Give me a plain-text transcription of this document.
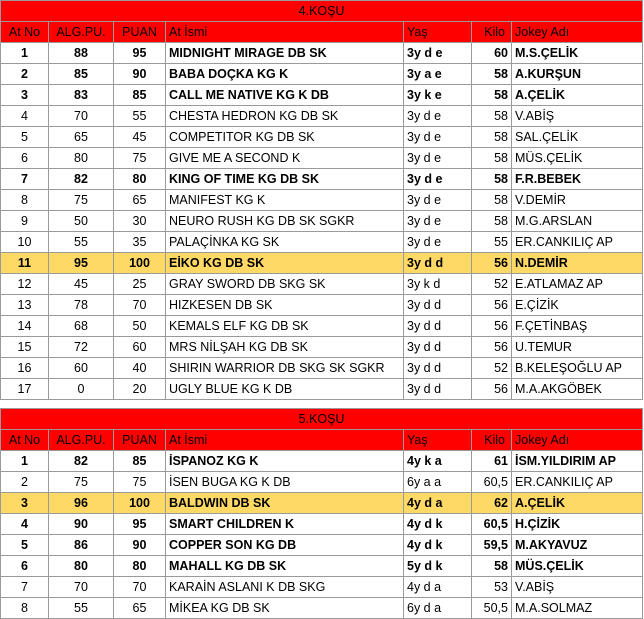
4.KOŞU						
At No	ALG.PU.	PUAN	At İsmi	Yaş	Kilo	Jokey Adı
1	88	95	MIDNIGHT MIRAGE DB SK	3y d e	60	M.S.ÇELİK
2	85	90	BABA DOÇKA KG K	3y a e	58	A.KURŞUN
3	83	85	CALL ME NATIVE KG K DB	3y k e	58	A.ÇELİK
4	70	55	CHESTA HEDRON KG DB SK	3y d e	58	V.ABİŞ
5	65	45	COMPETITOR KG DB SK	3y d e	58	SAL.ÇELİK
6	80	75	GIVE ME A SECOND K	3y d e	58	MÜS.ÇELİK
7	82	80	KING OF TIME KG DB SK	3y d e	58	F.R.BEBEK
8	75	65	MANIFEST KG K	3y d e	58	V.DEMİR
9	50	30	NEURO RUSH KG DB SK SGKR	3y d e	58	M.G.ARSLAN
10	55	35	PALAÇİNKA KG SK	3y d e	55	ER.CANKILIÇ AP
11	95	100	EİKO KG DB SK	3y d d	56	N.DEMİR
12	45	25	GRAY SWORD DB SKG SK	3y k d	52	E.ATLAMAZ AP
13	78	70	HIZKESEN DB SK	3y d d	56	E.ÇİZİK
14	68	50	KEMALS ELF KG DB SK	3y d d	56	F.ÇETİNBAŞ
15	72	60	MRS NİLŞAH KG DB SK	3y d d	56	U.TEMUR
16	60	40	SHIRIN WARRIOR DB SKG SK SGKR	3y d d	52	B.KELEŞOĞLU AP
17	0	20	UGLY BLUE KG K DB	3y d d	56	M.A.AKGÖBEK
5.KOŞU						
At No	ALG.PU.	PUAN	At İsmi	Yaş	Kilo	Jokey Adı
1	82	85	İSPANOZ KG K	4y k a	61	İSM.YILDIRIM AP
2	75	75	İSEN BUGA KG K DB	6y a a	60,5	ER.CANKILIÇ AP
3	96	100	BALDWIN DB SK	4y d a	62	A.ÇELİK
4	90	95	SMART CHILDREN K	4y d k	60,5	H.ÇİZİK
5	86	90	COPPER SON KG DB	4y d k	59,5	M.AKYAVUZ
6	80	80	MAHALL KG DB SK	5y d k	58	MÜS.ÇELİK
7	70	70	KARAİN ASLANI K DB SKG	4y d a	53	V.ABİŞ
8	55	65	MİKEA KG DB SK	6y d a	50,5	M.A.SOLMAZ
